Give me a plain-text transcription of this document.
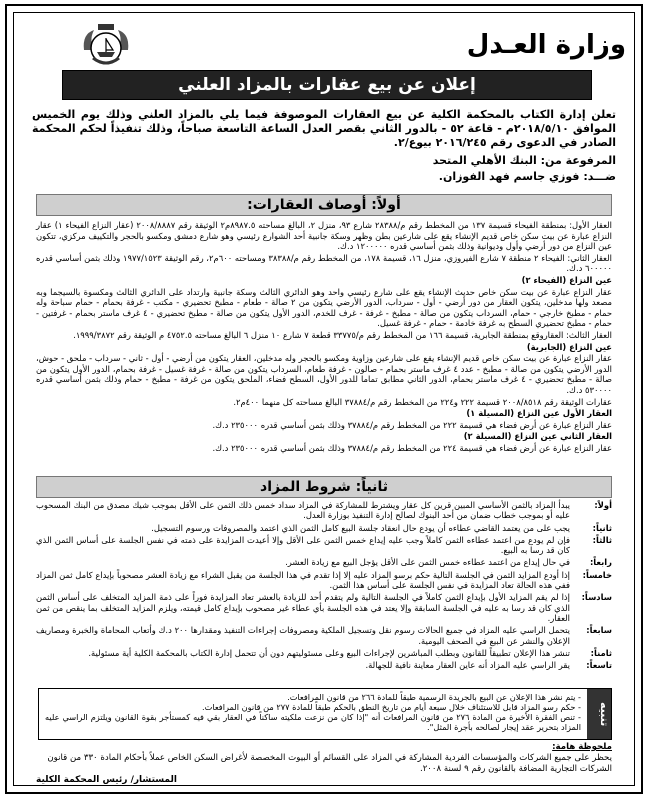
وزارة العـدل
إعلان عن بيع عقارات بالمزاد العلني
تعلن إدارة الكتاب بالمحكمة الكلية عن بيع العقارات الموصوفة فيما يلي بالمزاد العلني وذلك يوم الخميس الموافق ٢٠١٨/٥/١٠م - قاعة ٥٢ - بالدور الثاني بقصر العدل الساعة التاسعة صباحاً، وذلك تنفيذاً لحكم المحكمة الصادر في الدعوى رقم ٢٠١٦/٢٤٥ بيوع/٢.
المرفوعة من: البنك الأهلي المتحد
ضـــد: فوزي جاسم فهد الفوزان.
أولاً: أوصاف العقارات:

العقار الأول: بمنطقة الفيحاء قسيمة ١٣٧ من المخطط رقم م/٢٨٣٨٨ شارع ٩٣، منزل ٢، البالغ مساحته ٨٩٨٧.٥م٢ الوثيقة رقم ٢٠٠٨/٨٨٨٧ (عقار النزاع الفيحاء ١) عقار النزاع عبارة عن بيت سكن خاص قديم الإنشاء يقع على شارعين بطن وظهر وسكة جانبية أحد الشوارع رئيسي وهو شارع دمشق ومكسو بالحجر والتكييف مركزي، تتكون عين النزاع من دور أرضي وأول وديوانية وذلك بثمن أساسي قدره ١٢٠٠٠٠٠ د.ك.

العقار الثاني: الفيحاء ٢ منطقة ٧ شارع الفيروزي، منزل ١٦، قسيمة ١٧٨، من المخطط رقم م/٣٨٣٨٨ ومساحته ٦٠٠م٢، رقم الوثيقة ١٩٧٧/١٥٢٣ وذلك بثمن أساسي قدره ٦٠٠٠٠٠ د.ك.

عين النزاع (الفيحاء ٢)

عقار النزاع عبارة عن بيت سكن خاص حديث الإنشاء يقع على شارع رئيسي واحد وهو الدائري الثالث وسكة جانبية وارتداد على الدائري الثالث ومكسوة بالسيجما وبه مصعد ولها مدخلين، يتكون العقار من دور أرضي - أول - سرداب، الدور الأرضي يتكون من ٢ صالة - طعام - مطبخ تحضيري - مكتب - غرفة بحمام - حمام سباحة وله حمام - مطبخ خارجي - حمام، السرداب يتكون من صالة - مطبخ - غرفة - غرف للخدم، الدور الأول يتكون من صالة - مطبخ تحضيري - ٤ غرف ماستر بحمام - غرفتين - حمام - مطبخ تحضيري السطح به غرفة خادمة - حمام - غرفة غسيل.

العقار الثالث: العقاروقع بمنطقة الجابرية، قسيمة ١٦٦ من المخطط رقم م/٣٣٧٧٥ قطعة ٧ شارع ١٠ منزل ٦ البالغ مساحته ٤٧٥٢.٥ م الوثيقة رقم ١٩٩٩/٣٨٧٢.

عين النزاع (الجابرية)

عقار النزاع عبارة عن بيت سكن خاص قديم الإنشاء يقع على شارعين وزاوية ومكسو بالحجر وله مدخلين، العقار يتكون من أرضي - أول - ثاني - سرداب - ملحق - حوش، الدور الأرضي يتكون من صالة - مطبخ - عدد ٤ غرف ماستر بحمام - صالون - غرفة طعام، السرداب يتكون من صالة - غرفة غسيل - غرفة بحمام، الدور الأول يتكون من صالة - مطبخ تحضيري - ٤ غرف ماستر بحمام، الدور الثاني مطابق تماما للدور الأول، السطح فضاء، الملحق يتكون من غرفة - مطبخ - حمام وذلك بثمن أساسي قدره ٥٣٠٠٠٠ د.ك.

عقارات الوثيقة رقم ٢٠٠٨/٨٥١٨ قسيمة ٢٢٢ و٢٢٤ من المخطط رقم م/٣٧٨٨٤ البالغ مساحته كل منهما ٤٠٠م٢.

العقار الأول عين النزاع (المسيلة ١)

عقار النزاع عبارة عن أرض فضاء هي قسيمة ٢٢٢ من المخطط رقم م/٣٧٨٨٤ وذلك بثمن أساسي قدره ٢٣٥٠٠٠ د.ك.

العقار الثاني عين النزاع (المسيلة ٢)

عقار النزاع عبارة عن أرض فضاء هي قسيمة ٢٢٤ من المخطط رقم م/٣٧٨٨٤ وذلك بثمن أساسي قدره ٢٣٥٠٠٠ د.ك.

ثانياً: شروط المزاد
أولاً:
يبدأ المزاد بالثمن الأساسي المبين قرين كل عقار ويشترط للمشاركة في المزاد سداد خمس ذلك الثمن على الأقل بموجب شيك مصدق من البنك المسحوب عليه أو بموجب خطاب ضمان من أحد البنوك لصالح إدارة التنفيذ بوزارة العدل.
ثانياً:
يجب على من يعتمد القاضي عطاءه أن يودع حال انعقاد جلسة البيع كامل الثمن الذي اعتمد والمصروفات ورسوم التسجيل.
ثالثاً:
فإن لم يودع من اعتمد عطاءه الثمن كاملاً وجب عليه إيداع خمس الثمن على الأقل وإلا أعيدت المزايدة على ذمته في نفس الجلسة على أساس الثمن الذي كان قد رسا به البيع.
رابعاً:
في حال إيداع من اعتمد عطاءه خمس الثمن على الأقل يؤجل البيع مع زيادة العشر.
خامساً:
إذا أودع المزايد الثمن في الجلسة التالية حكم برسو المزاد عليه إلا إذا تقدم في هذا الجلسة من يقبل الشراء مع زيادة العشر مصحوباً بإيداع كامل ثمن المزاد ففي هذه الحالة تعاد المزايدة في نفس الجلسة على أساس هذا الثمن.
سادساً:
إذا لم يقم المزايد الأول بإيداع الثمن كاملاً في الجلسة التالية ولم يتقدم أحد للزيادة بالعشر تعاد المزايدة فوراً على ذمة المزايد المتخلف على أساس الثمن الذي كان قد رسا به عليه في الجلسة السابقة وإلا يعتد في هذه الجلسة بأي عطاء غير مصحوب بإيداع كامل قيمته، ويلزم المزايد المتخلف بما ينقص من ثمن العقار.
سابعاً:
يتحمل الراسي عليه المزاد في جميع الحالات رسوم نقل وتسجيل الملكية ومصروفات إجراءات التنفيذ ومقدارها ٢٠٠ د.ك وأتعاب المحاماة والخبرة ومصاريف الإعلان والنشر عن البيع في الصحف اليومية.
ثامناً:
تنشر هذا الإعلان تطبيقاً للقانون وبطلب المباشرين لإجراءات البيع وعلى مسئوليتهم دون أن تتحمل إدارة الكتاب بالمحكمة الكلية أية مسئولية.
تاسعاً:
يقر الراسي عليه المزاد أنه عاين العقار معاينة نافية للجهالة.
تنبيه

- يتم نشر هذا الإعلان عن البيع بالجريدة الرسمية طبقاً للمادة ٢٦٦ من قانون المرافعات.

- حكم رسو المزاد قابل للاستئناف خلال سبعة أيام من تاريخ النطق بالحكم طبقاً للمادة ٢٧٧ من قانون المرافعات.

- تنص الفقرة الأخيرة من المادة ٢٧٦ من قانون المرافعات أنه "إذا كان من نزعت ملكيته ساكناً في العقار بقي فيه كمستأجر بقوة القانون ويلتزم الراسي عليه المزاد بتحرير عقد إيجار لصالحه بأجرة المثل".

ملحوظة هامة:
يحظر على جميع الشركات والمؤسسات الفردية المشاركة في المزاد على القسائم أو البيوت المخصصة لأغراض السكن الخاص عملاً بأحكام المادة ٣٣٠ من قانون الشركات التجارية المضافة بالقانون رقم ٩ لسنة ٢٠٠٨.
المستشار/ رئيس المحكمة الكلية
